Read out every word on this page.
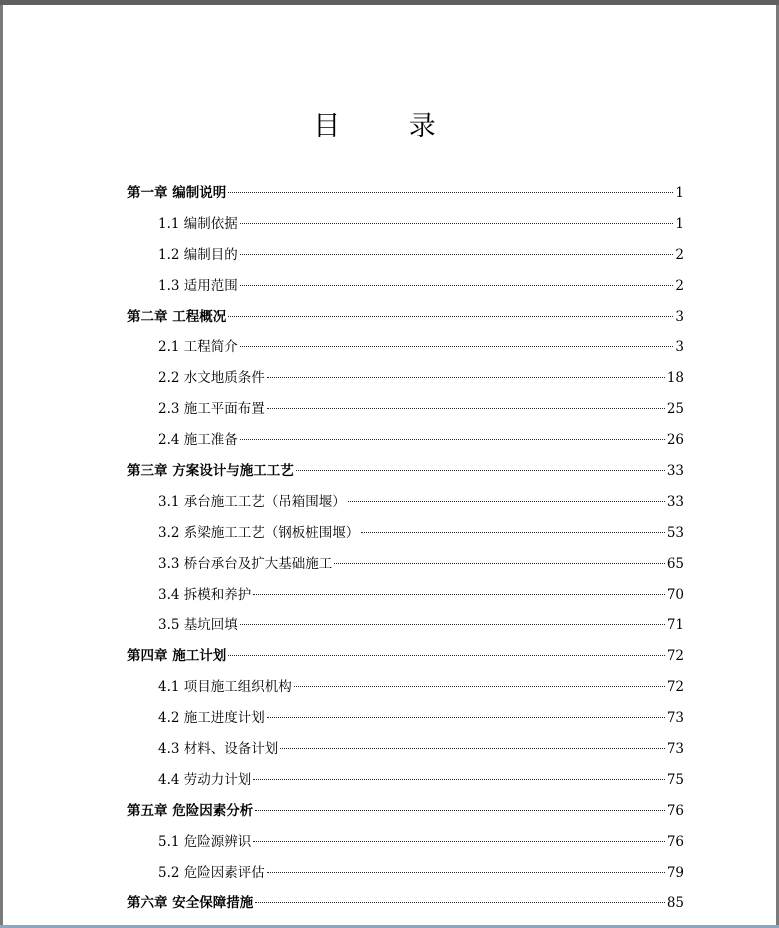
目 录
第一章 编制说明	1
1.1 编制依据	1
1.2 编制目的	2
1.3 适用范围	2
第二章 工程概况	3
2.1 工程简介	3
2.2 水文地质条件	18
2.3 施工平面布置	25
2.4 施工准备	26
第三章 方案设计与施工工艺	33
3.1 承台施工工艺（吊箱围堰）	33
3.2 系梁施工工艺（钢板桩围堰）	53
3.3 桥台承台及扩大基础施工	65
3.4 拆模和养护	70
3.5 基坑回填	71
第四章 施工计划	72
4.1 项目施工组织机构	72
4.2 施工进度计划	73
4.3 材料、设备计划	73
4.4 劳动力计划	75
第五章 危险因素分析	76
5.1 危险源辨识	76
5.2 危险因素评估	79
第六章 安全保障措施	85
